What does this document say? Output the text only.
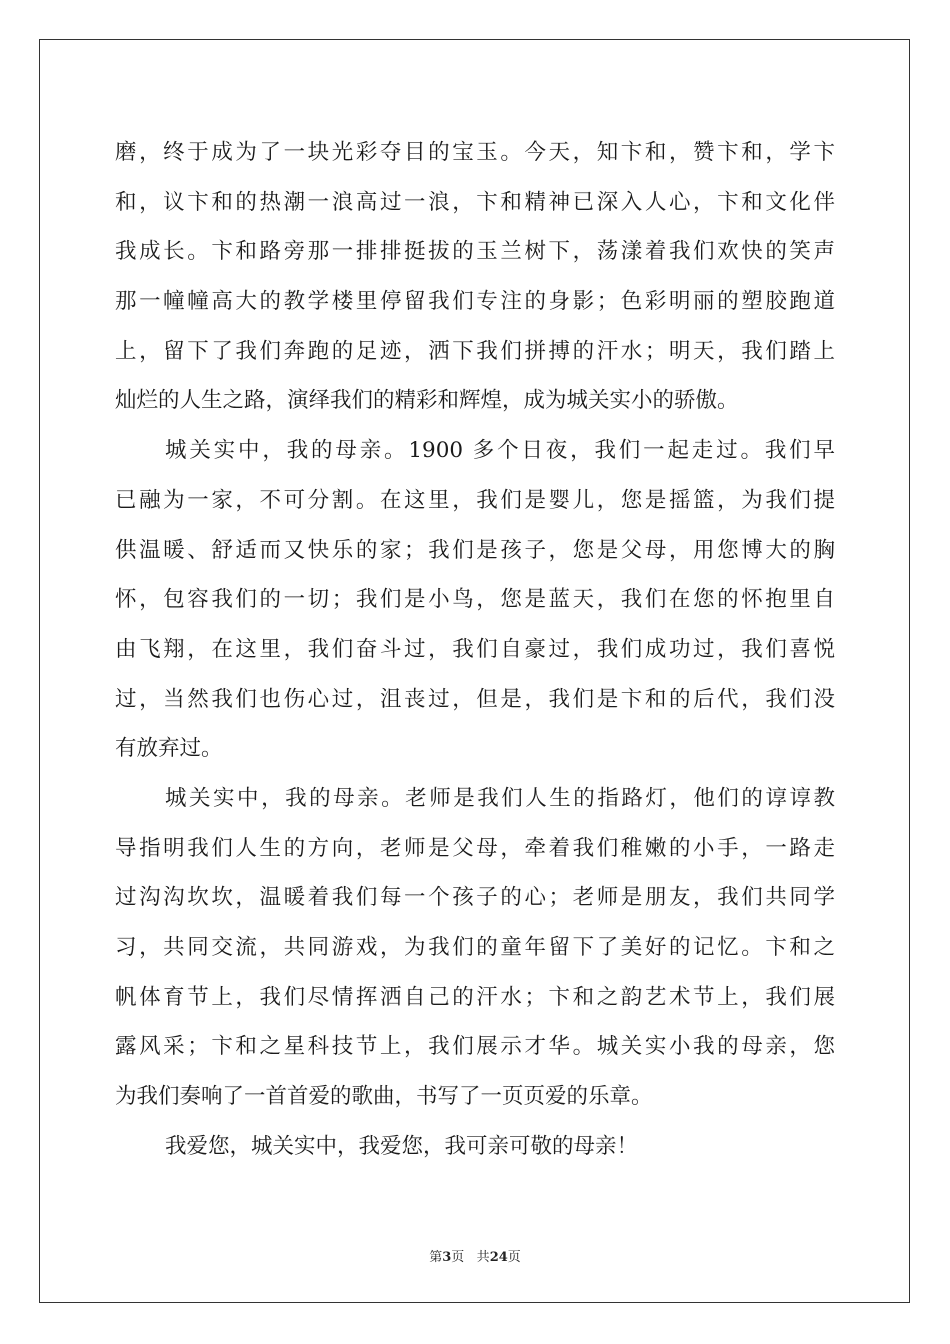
磨，终于成为了一块光彩夺目的宝玉。今天，知卞和，赞卞和，学卞
和，议卞和的热潮一浪高过一浪，卞和精神已深入人心，卞和文化伴
我成长。卞和路旁那一排排挺拔的玉兰树下，荡漾着我们欢快的笑声
那一幢幢高大的教学楼里停留我们专注的身影；色彩明丽的塑胶跑道
上，留下了我们奔跑的足迹，洒下我们拼搏的汗水；明天，我们踏上
灿烂的人生之路，演绎我们的精彩和辉煌，成为城关实小的骄傲。
城关实中，我的母亲。1900 多个日夜，我们一起走过。我们早
已融为一家，不可分割。在这里，我们是婴儿，您是摇篮，为我们提
供温暖、舒适而又快乐的家；我们是孩子，您是父母，用您博大的胸
怀，包容我们的一切；我们是小鸟，您是蓝天，我们在您的怀抱里自
由飞翔，在这里，我们奋斗过，我们自豪过，我们成功过，我们喜悦
过，当然我们也伤心过，沮丧过，但是，我们是卞和的后代，我们没
有放弃过。
城关实中，我的母亲。老师是我们人生的指路灯，他们的谆谆教
导指明我们人生的方向，老师是父母，牵着我们稚嫩的小手，一路走
过沟沟坎坎，温暖着我们每一个孩子的心；老师是朋友，我们共同学
习，共同交流，共同游戏，为我们的童年留下了美好的记忆。卞和之
帆体育节上，我们尽情挥洒自己的汗水；卞和之韵艺术节上，我们展
露风采；卞和之星科技节上，我们展示才华。城关实小我的母亲，您
为我们奏响了一首首爱的歌曲，书写了一页页爱的乐章。
我爱您，城关实中，我爱您，我可亲可敬的母亲！
第3页 共24页
